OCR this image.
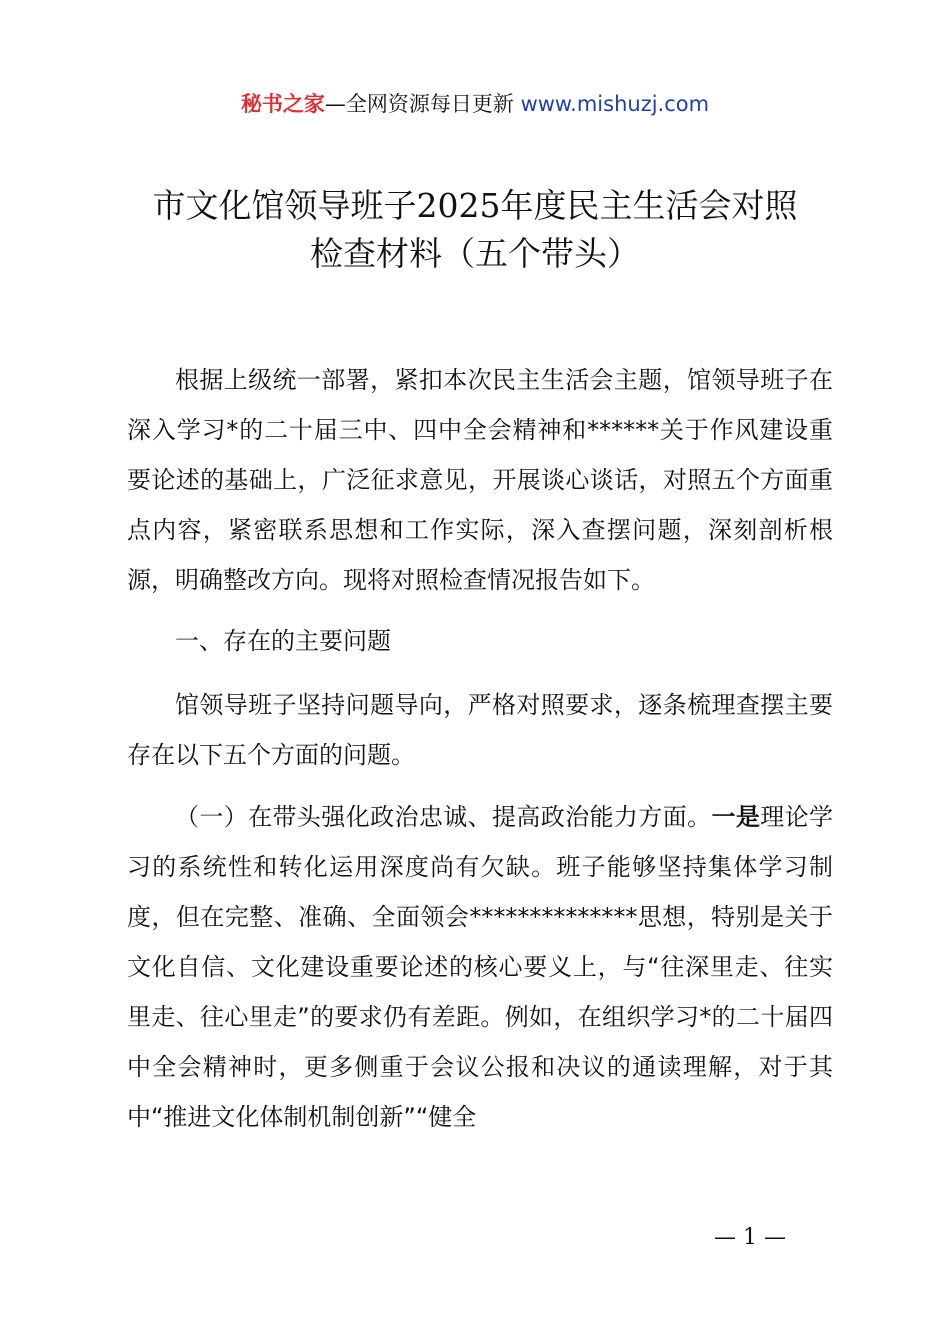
秘书之家—全网资源每日更新 www.mishuzj.com
市文化馆领导班子2025年度民主生活会对照
检查材料（五个带头）

根据上级统一部署，紧扣本次民主生活会主题，馆领导班子在深入学习*的二十届三中、四中全会精神和******关于作风建设重要论述的基础上，广泛征求意见，开展谈心谈话，对照五个方面重点内容，紧密联系思想和工作实际，深入查摆问题，深刻剖析根源，明确整改方向。现将对照检查情况报告如下。

一、存在的主要问题

馆领导班子坚持问题导向，严格对照要求，逐条梳理查摆主要存在以下五个方面的问题。

（一）在带头强化政治忠诚、提高政治能力方面。一是理论学习的系统性和转化运用深度尚有欠缺。班子能够坚持集体学习制度，但在完整、准确、全面领会**************思想，特别是关于文化自信、文化建设重要论述的核心要义上，与“往深里走、往实里走、往心里走”的要求仍有差距。例如，在组织学习*的二十届四中全会精神时，更多侧重于会议公报和决议的通读理解，对于其中“推进文化体制机制创新”“健全

— 1 —
